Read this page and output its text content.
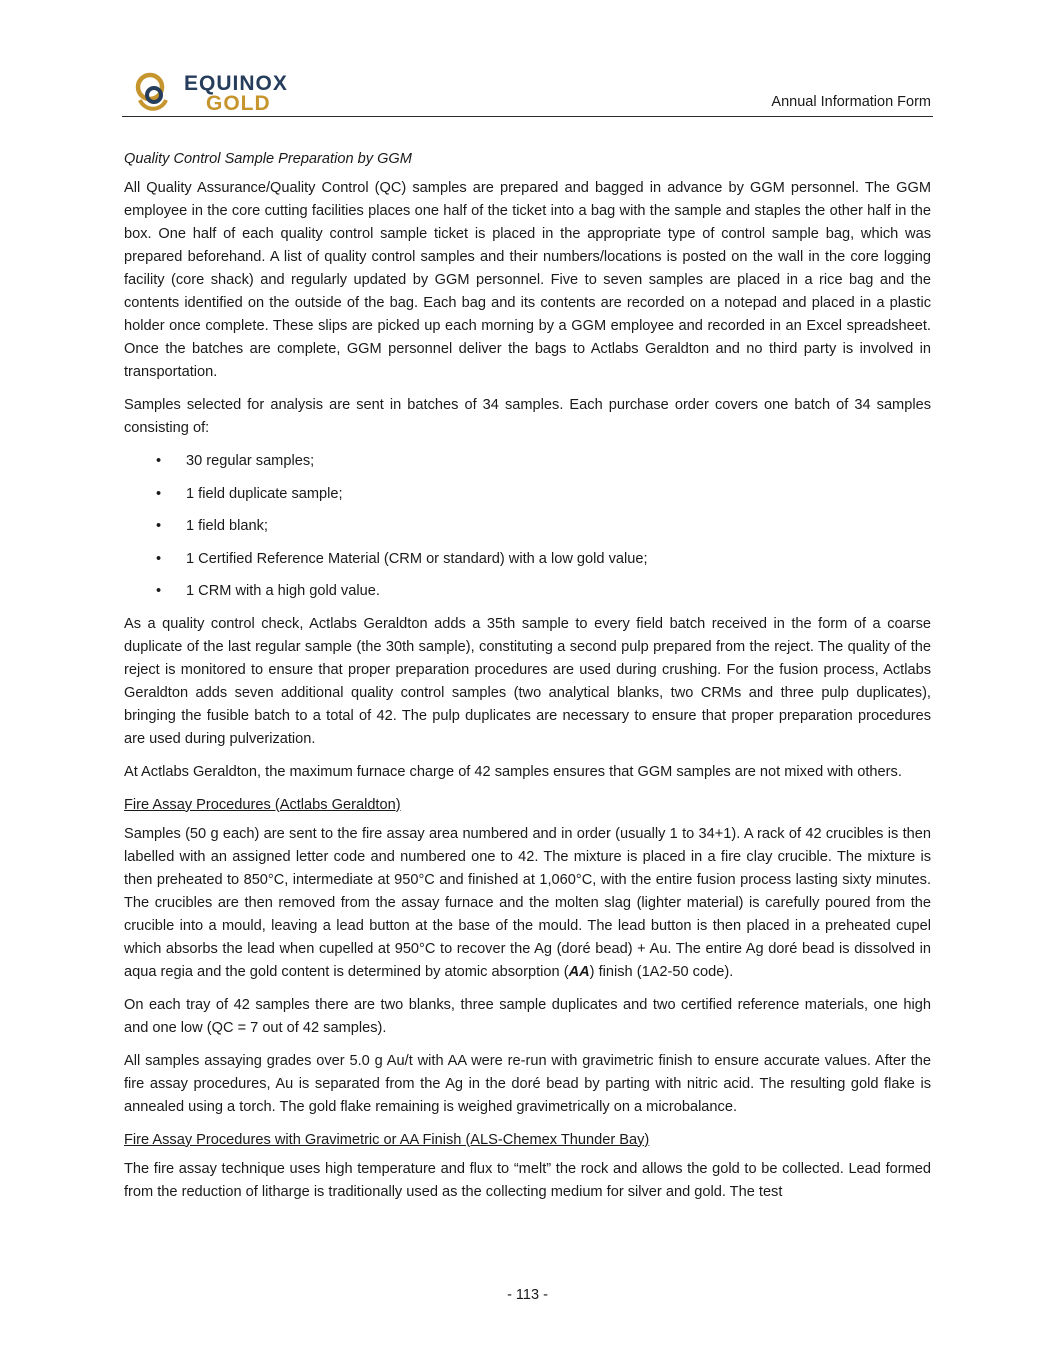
EQUINOX
GOLD	Annual Information Form

Quality Control Sample Preparation by GGM

All Quality Assurance/Quality Control (QC) samples are prepared and bagged in advance by GGM personnel. The GGM employee in the core cutting facilities places one half of the ticket into a bag with the sample and staples the other half in the box. One half of each quality control sample ticket is placed in the appropriate type of control sample bag, which was prepared beforehand. A list of quality control samples and their numbers/locations is posted on the wall in the core logging facility (core shack) and regularly updated by GGM personnel. Five to seven samples are placed in a rice bag and the contents identified on the outside of the bag. Each bag and its contents are recorded on a notepad and placed in a plastic holder once complete. These slips are picked up each morning by a GGM employee and recorded in an Excel spreadsheet. Once the batches are complete, GGM personnel deliver the bags to Actlabs Geraldton and no third party is involved in transportation.

Samples selected for analysis are sent in batches of 34 samples. Each purchase order covers one batch of 34 samples consisting of:

• 30 regular samples;
• 1 field duplicate sample;
• 1 field blank;
• 1 Certified Reference Material (CRM or standard) with a low gold value;
• 1 CRM with a high gold value.

As a quality control check, Actlabs Geraldton adds a 35th sample to every field batch received in the form of a coarse duplicate of the last regular sample (the 30th sample), constituting a second pulp prepared from the reject. The quality of the reject is monitored to ensure that proper preparation procedures are used during crushing. For the fusion process, Actlabs Geraldton adds seven additional quality control samples (two analytical blanks, two CRMs and three pulp duplicates), bringing the fusible batch to a total of 42. The pulp duplicates are necessary to ensure that proper preparation procedures are used during pulverization.

At Actlabs Geraldton, the maximum furnace charge of 42 samples ensures that GGM samples are not mixed with others.

Fire Assay Procedures (Actlabs Geraldton)

Samples (50 g each) are sent to the fire assay area numbered and in order (usually 1 to 34+1). A rack of 42 crucibles is then labelled with an assigned letter code and numbered one to 42. The mixture is placed in a fire clay crucible. The mixture is then preheated to 850°C, intermediate at 950°C and finished at 1,060°C, with the entire fusion process lasting sixty minutes. The crucibles are then removed from the assay furnace and the molten slag (lighter material) is carefully poured from the crucible into a mould, leaving a lead button at the base of the mould. The lead button is then placed in a preheated cupel which absorbs the lead when cupelled at 950°C to recover the Ag (doré bead) + Au. The entire Ag doré bead is dissolved in aqua regia and the gold content is determined by atomic absorption (AA) finish (1A2-50 code).

On each tray of 42 samples there are two blanks, three sample duplicates and two certified reference materials, one high and one low (QC = 7 out of 42 samples).

All samples assaying grades over 5.0 g Au/t with AA were re-run with gravimetric finish to ensure accurate values. After the fire assay procedures, Au is separated from the Ag in the doré bead by parting with nitric acid. The resulting gold flake is annealed using a torch. The gold flake remaining is weighed gravimetrically on a microbalance.

Fire Assay Procedures with Gravimetric or AA Finish (ALS-Chemex Thunder Bay)

The fire assay technique uses high temperature and flux to “melt” the rock and allows the gold to be collected. Lead formed from the reduction of litharge is traditionally used as the collecting medium for silver and gold. The test

- 113 -
